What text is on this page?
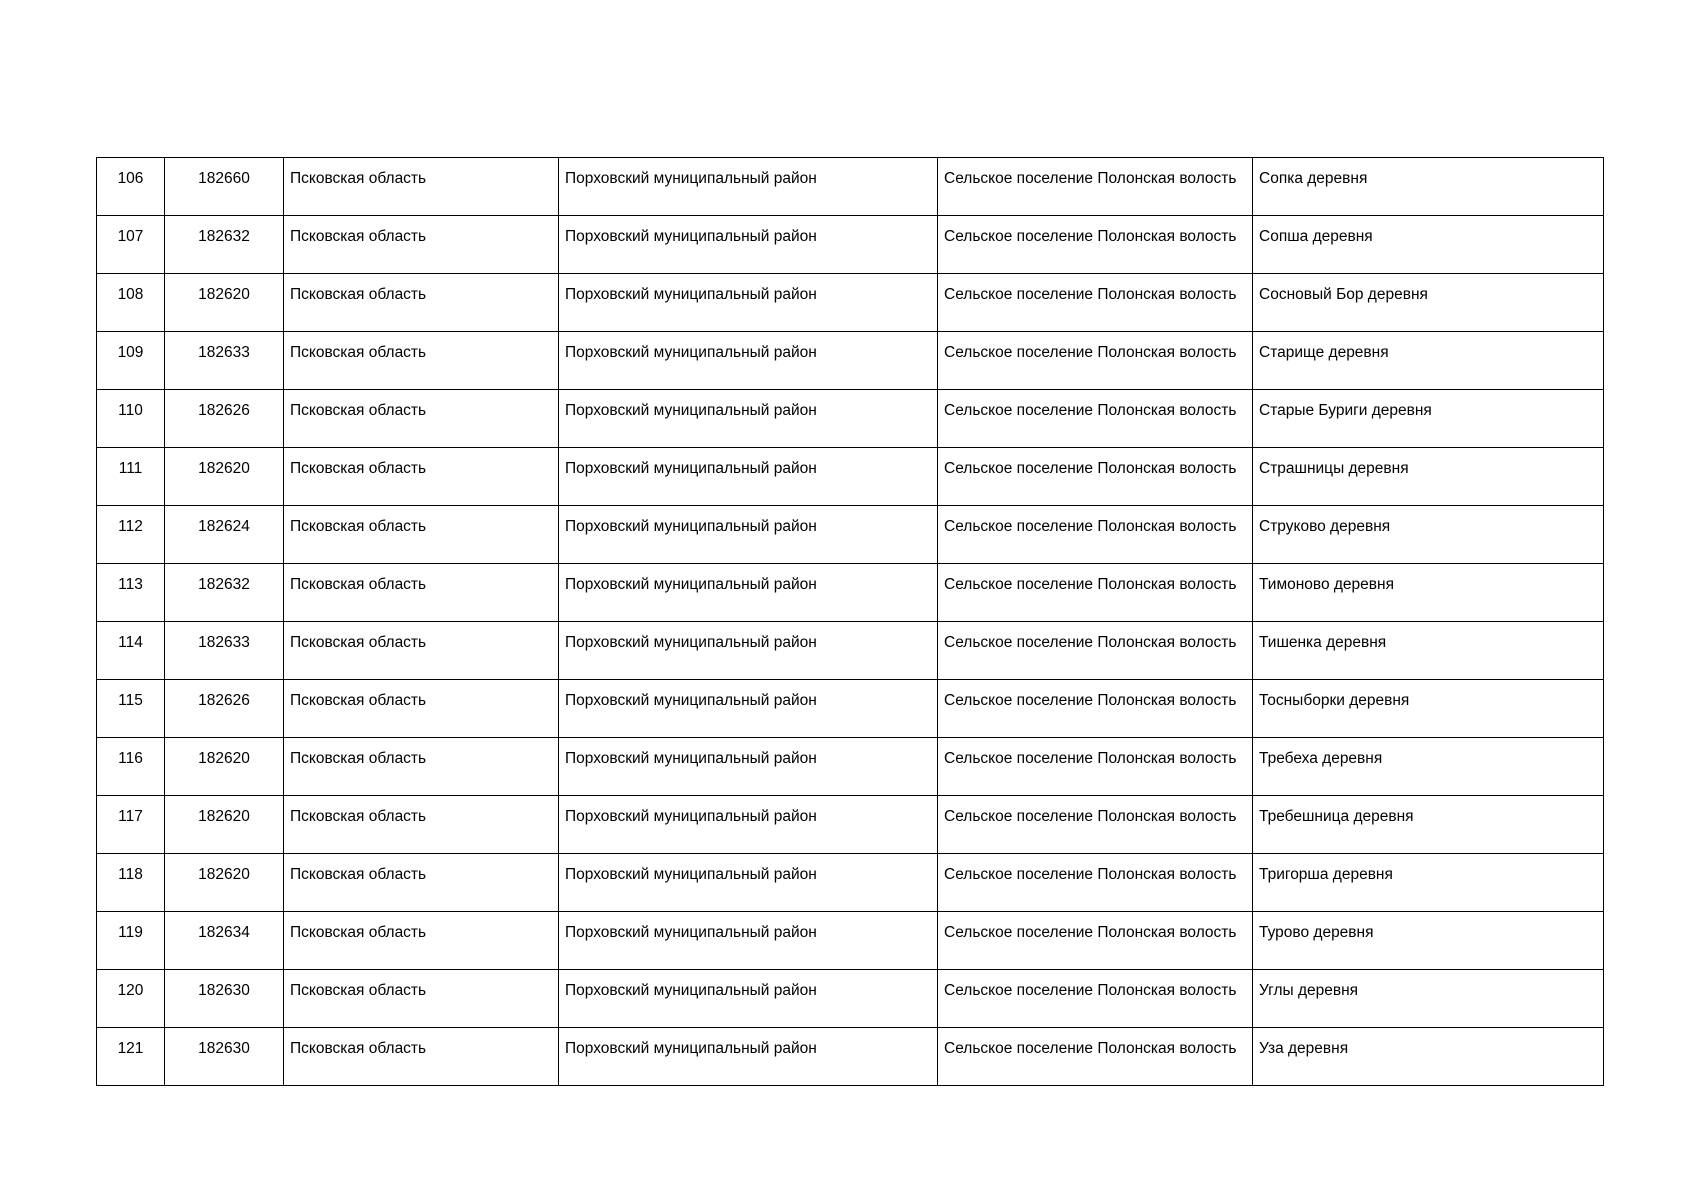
106	182660	Псковская область	Порховский муниципальный район	Сельское поселение Полонская волость	Сопка деревня
107	182632	Псковская область	Порховский муниципальный район	Сельское поселение Полонская волость	Сопша деревня
108	182620	Псковская область	Порховский муниципальный район	Сельское поселение Полонская волость	Сосновый Бор деревня
109	182633	Псковская область	Порховский муниципальный район	Сельское поселение Полонская волость	Старище деревня
110	182626	Псковская область	Порховский муниципальный район	Сельское поселение Полонская волость	Старые Буриги деревня
111	182620	Псковская область	Порховский муниципальный район	Сельское поселение Полонская волость	Страшницы деревня
112	182624	Псковская область	Порховский муниципальный район	Сельское поселение Полонская волость	Струково деревня
113	182632	Псковская область	Порховский муниципальный район	Сельское поселение Полонская волость	Тимоново деревня
114	182633	Псковская область	Порховский муниципальный район	Сельское поселение Полонская волость	Тишенка деревня
115	182626	Псковская область	Порховский муниципальный район	Сельское поселение Полонская волость	Тосныборки деревня
116	182620	Псковская область	Порховский муниципальный район	Сельское поселение Полонская волость	Требеха деревня
117	182620	Псковская область	Порховский муниципальный район	Сельское поселение Полонская волость	Требешница деревня
118	182620	Псковская область	Порховский муниципальный район	Сельское поселение Полонская волость	Тригорша деревня
119	182634	Псковская область	Порховский муниципальный район	Сельское поселение Полонская волость	Турово деревня
120	182630	Псковская область	Порховский муниципальный район	Сельское поселение Полонская волость	Углы деревня
121	182630	Псковская область	Порховский муниципальный район	Сельское поселение Полонская волость	Уза деревня
